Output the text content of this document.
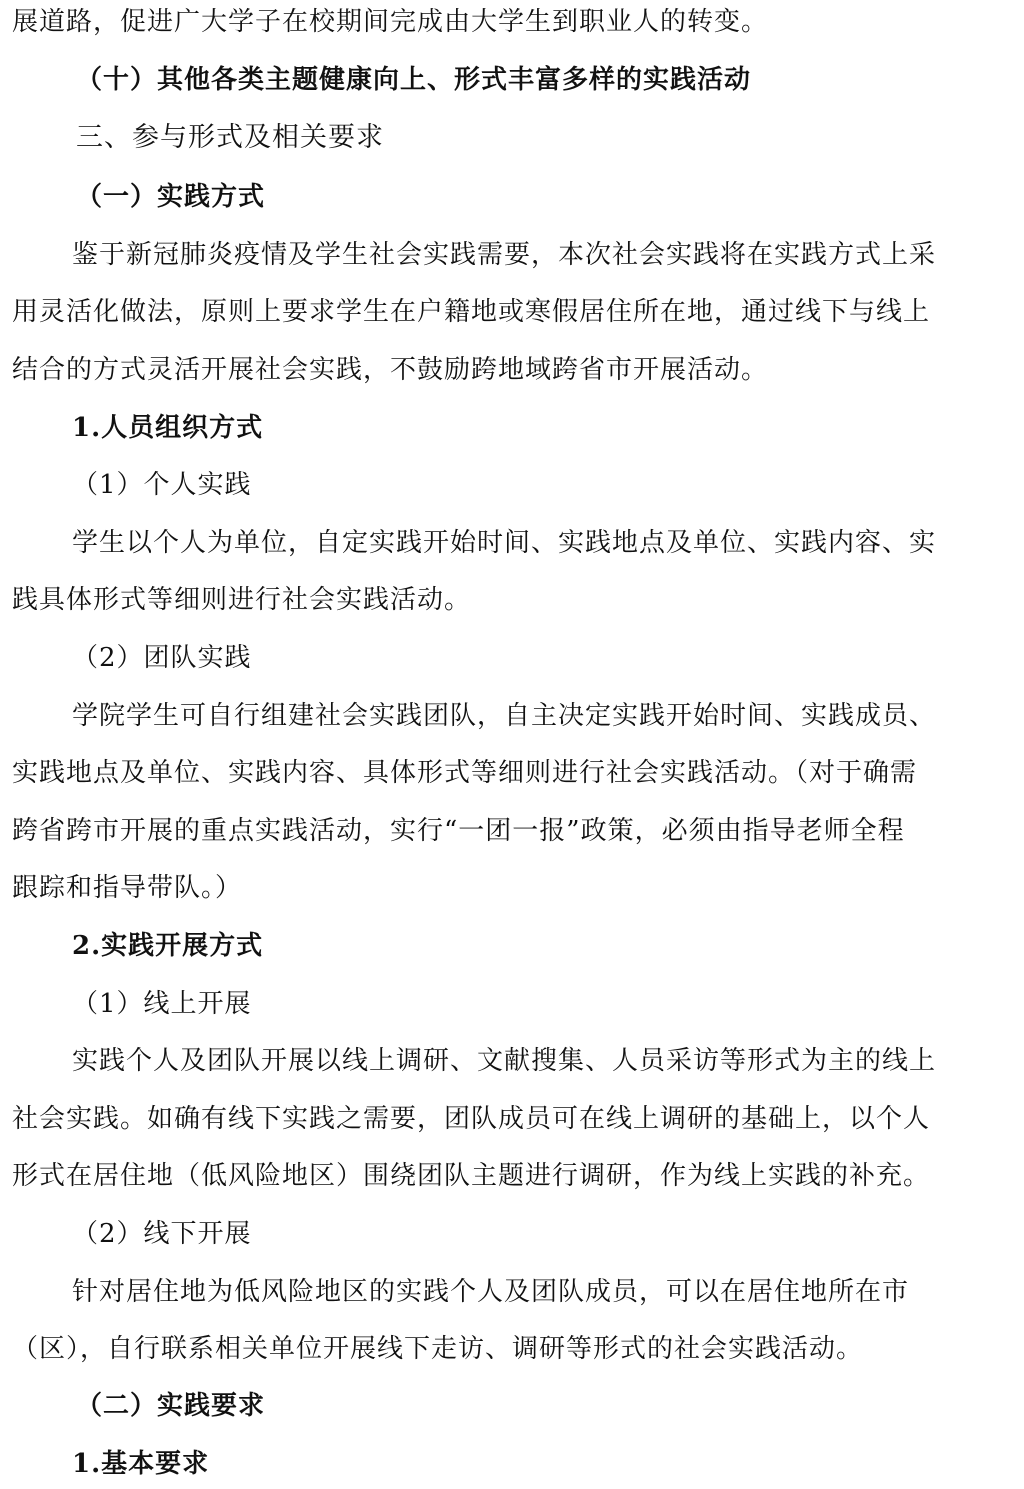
展道路，促进广大学子在校期间完成由大学生到职业人的转变。
（十）其他各类主题健康向上、形式丰富多样的实践活动
三、参与形式及相关要求
（一）实践方式
鉴于新冠肺炎疫情及学生社会实践需要，本次社会实践将在实践方式上采
用灵活化做法，原则上要求学生在户籍地或寒假居住所在地，通过线下与线上
结合的方式灵活开展社会实践，不鼓励跨地域跨省市开展活动。
1.人员组织方式
（1）个人实践
学生以个人为单位，自定实践开始时间、实践地点及单位、实践内容、实
践具体形式等细则进行社会实践活动。
（2）团队实践
学院学生可自行组建社会实践团队，自主决定实践开始时间、实践成员、
实践地点及单位、实践内容、具体形式等细则进行社会实践活动。（对于确需
跨省跨市开展的重点实践活动，实行“一团一报”政策，必须由指导老师全程
跟踪和指导带队。）
2.实践开展方式
（1）线上开展
实践个人及团队开展以线上调研、文献搜集、人员采访等形式为主的线上
社会实践。如确有线下实践之需要，团队成员可在线上调研的基础上，以个人
形式在居住地（低风险地区）围绕团队主题进行调研，作为线上实践的补充。
（2）线下开展
针对居住地为低风险地区的实践个人及团队成员，可以在居住地所在市
（区），自行联系相关单位开展线下走访、调研等形式的社会实践活动。
（二）实践要求
1.基本要求
